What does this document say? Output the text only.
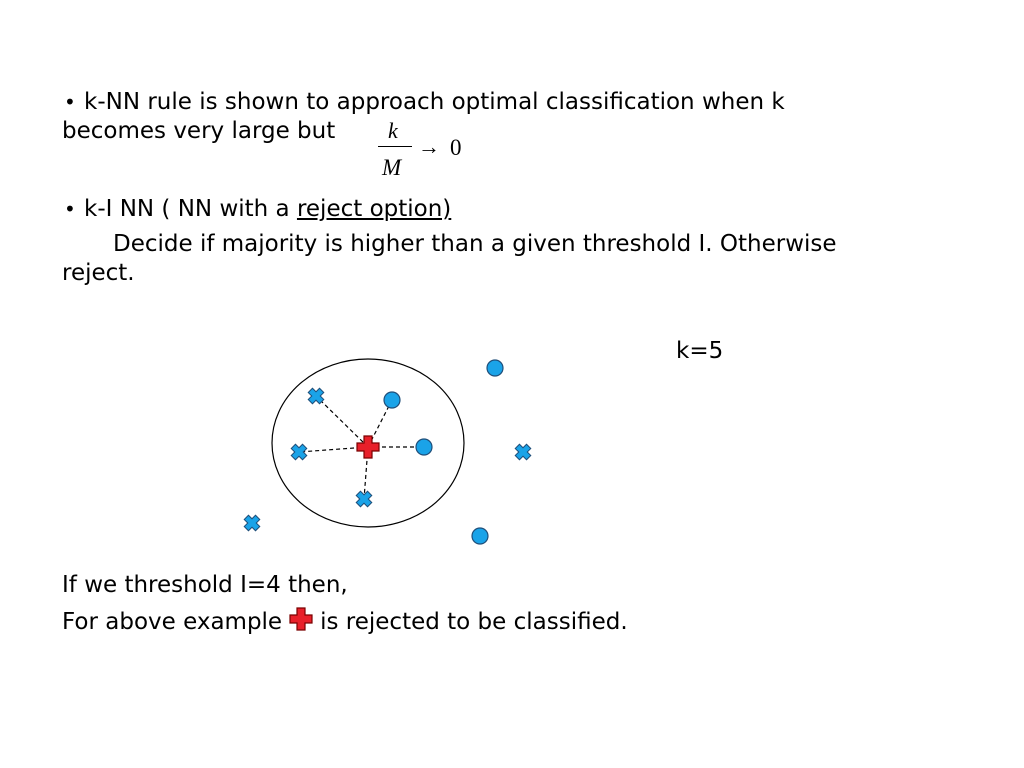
• k-NN rule is shown to approach optimal classification when k
becomes very large but k
M
→ 0
• k-I NN ( NN with a reject option)
Decide if majority is higher than a given threshold I. Otherwise
reject.
k=5
If we threshold I=4 then,
For above example is rejected to be classified.
